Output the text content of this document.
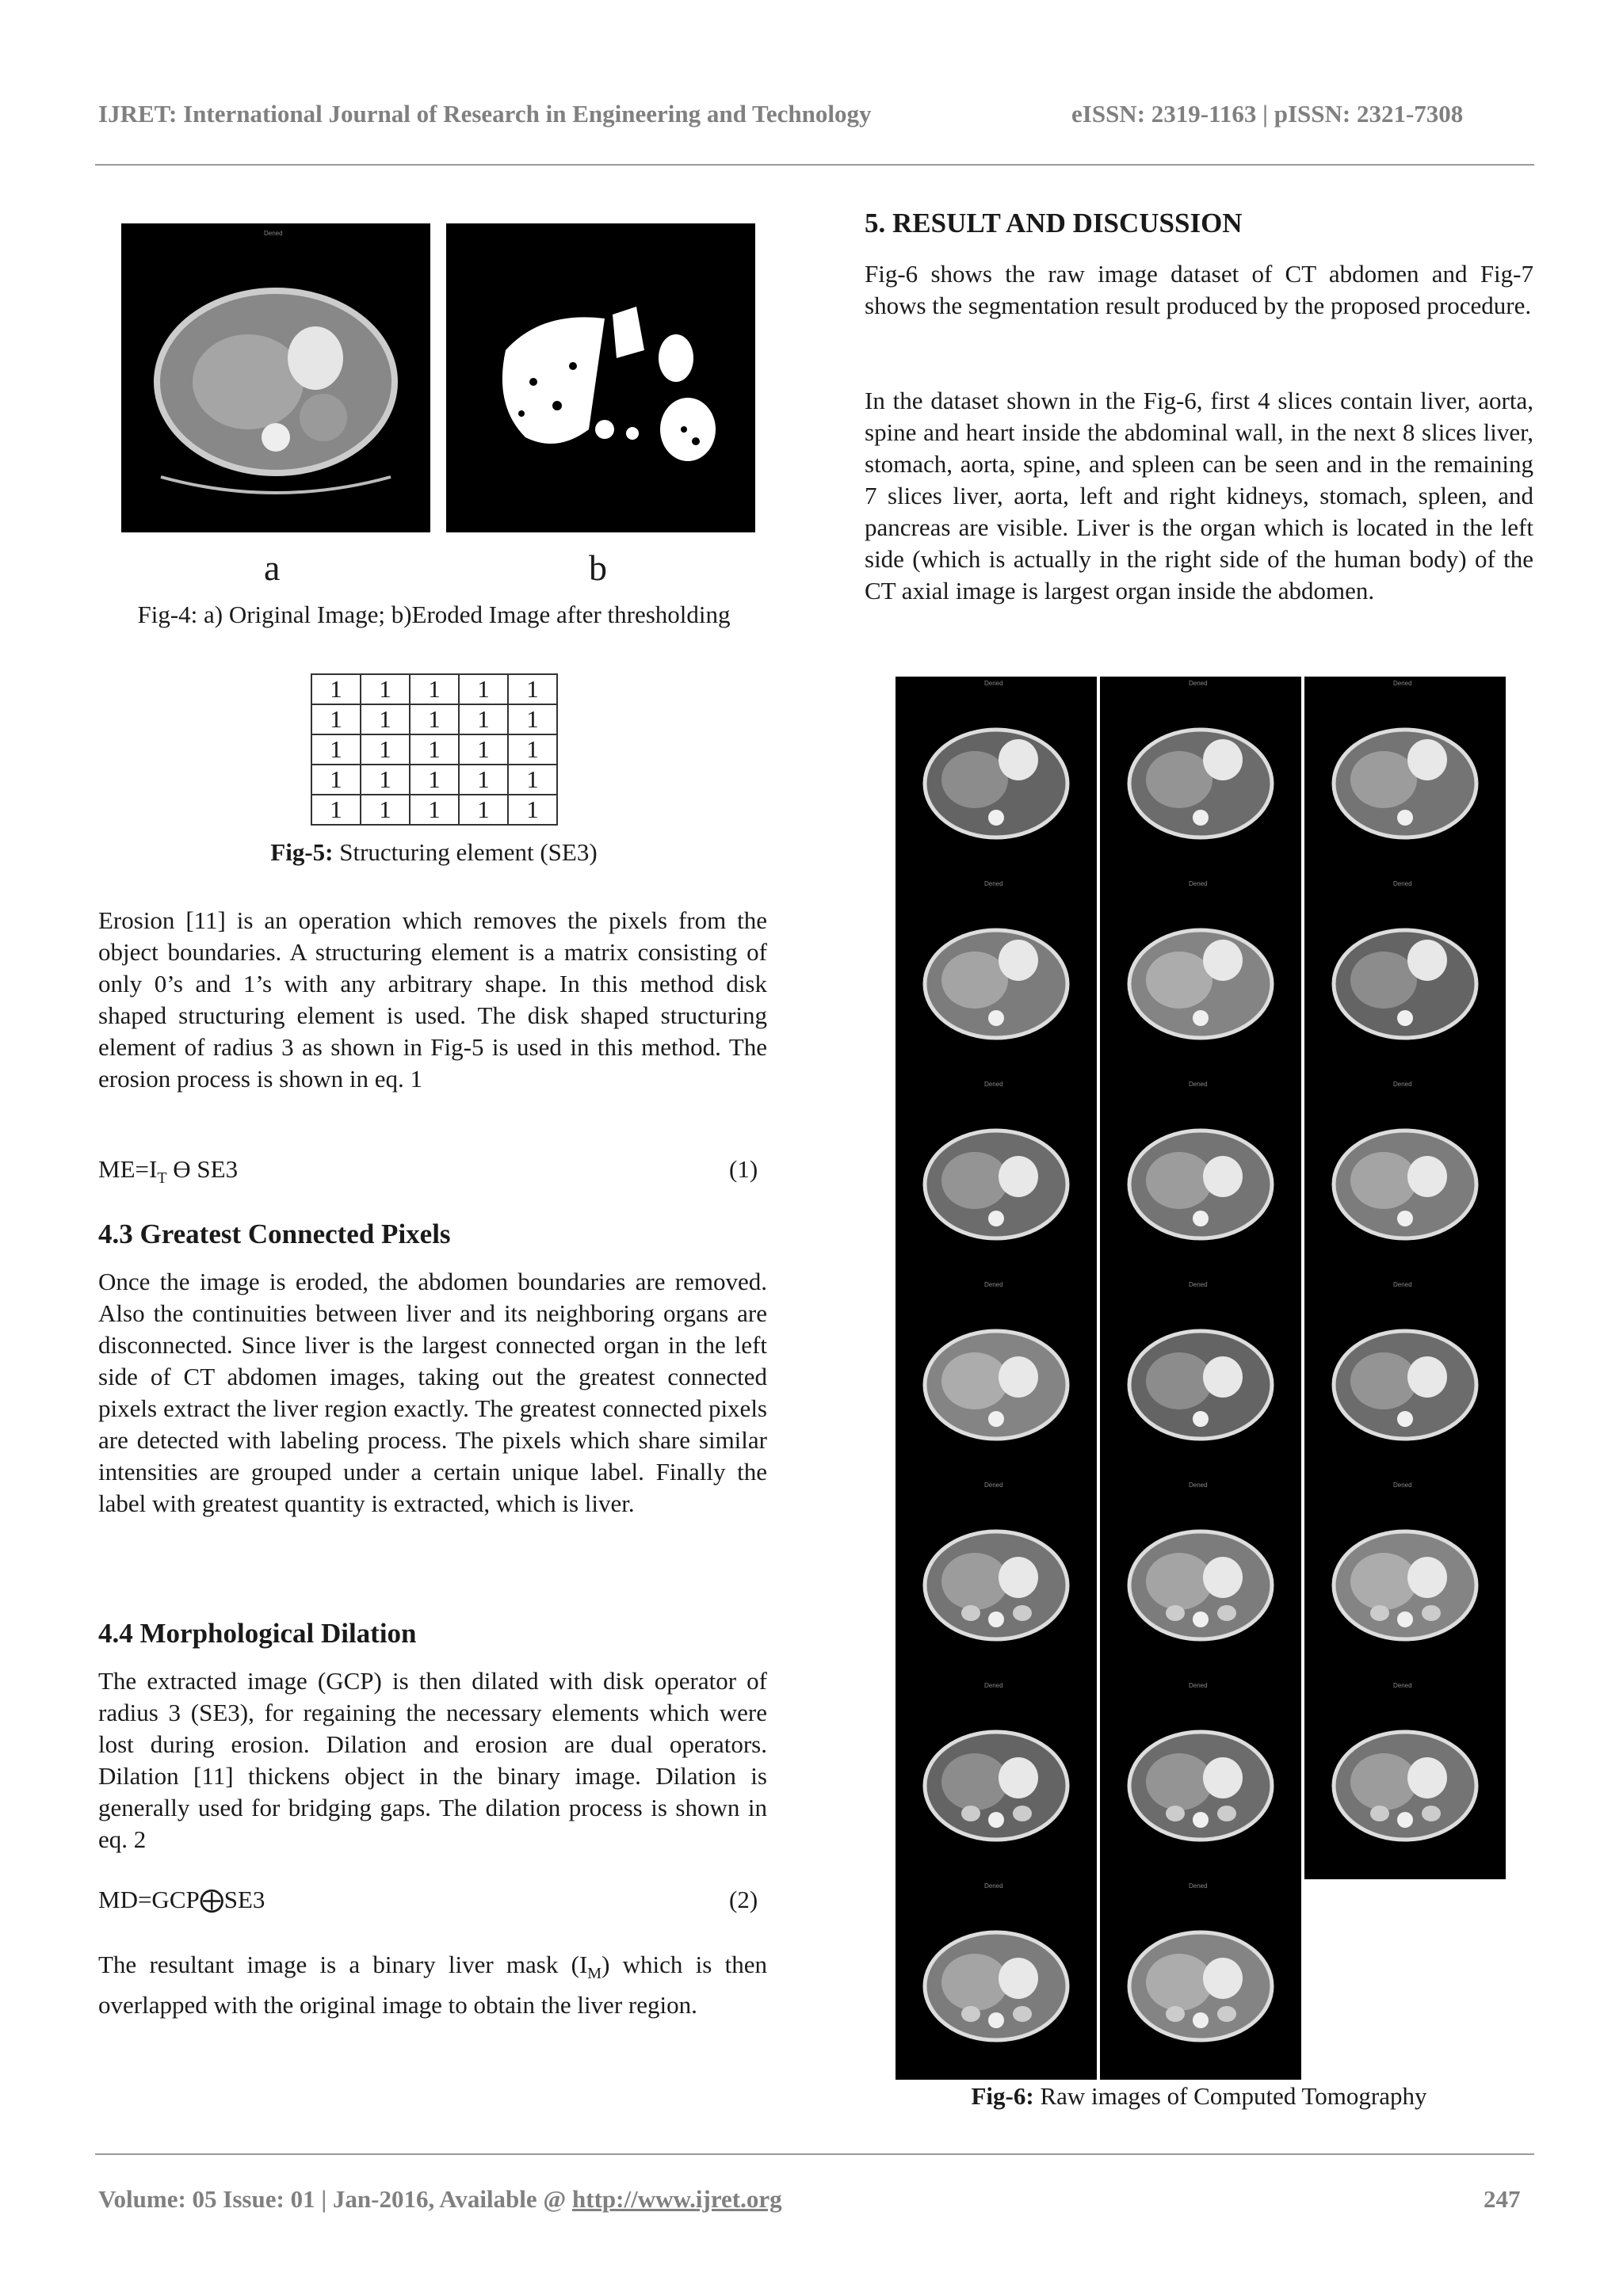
IJRET: International Journal of Research in Engineering and Technology	eISSN: 2319-1163 | pISSN: 2321-7308
Dened
a	b
Fig-4: a) Original Image; b)Eroded Image after thresholding
1	1	1	1	1
1	1	1	1	1
1	1	1	1	1
1	1	1	1	1
1	1	1	1	1
Fig-5: Structuring element (SE3)
Erosion [11] is an operation which removes the pixels from the object boundaries. A structuring element is a matrix consisting of only 0’s and 1’s with any arbitrary shape. In this method disk shaped structuring element is used. The disk shaped structuring element of radius 3 as shown in Fig-5 is used in this method. The erosion process is shown in eq. 1
$ME=I_T$ Ө SE3	(1)
4.3 Greatest Connected Pixels
Once the image is eroded, the abdomen boundaries are removed. Also the continuities between liver and its neighboring organs are disconnected. Since liver is the largest connected organ in the left side of CT abdomen images, taking out the greatest connected pixels extract the liver region exactly. The greatest connected pixels are detected with labeling process. The pixels which share similar intensities are grouped under a certain unique label. Finally the label with greatest quantity is extracted, which is liver.
4.4 Morphological Dilation
The extracted image (GCP) is then dilated with disk operator of radius 3 (SE3), for regaining the necessary elements which were lost during erosion. Dilation and erosion are dual operators. Dilation [11] thickens object in the binary image. Dilation is generally used for bridging gaps. The dilation process is shown in eq. 2
MD=GCP⨁SE3	(2)
The resultant image is a binary liver mask $(I_M)$ which is then overlapped with the original image to obtain the liver region.
5. RESULT AND DISCUSSION
Fig-6 shows the raw image dataset of CT abdomen and Fig-7 shows the segmentation result produced by the proposed procedure.
In the dataset shown in the Fig-6, first 4 slices contain liver, aorta, spine and heart inside the abdominal wall, in the next 8 slices liver, stomach, aorta, spine, and spleen can be seen and in the remaining 7 slices liver, aorta, left and right kidneys, stomach, spleen, and pancreas are visible. Liver is the organ which is located in the left side (which is actually in the right side of the human body) of the CT axial image is largest organ inside the abdomen.
Dened	Dened	Dened
Dened	Dened	Dened
Dened	Dened	Dened
Dened	Dened	Dened
Dened	Dened	Dened
Dened	Dened	Dened
Dened	Dened
Fig-6: Raw images of Computed Tomography
Volume: 05 Issue: 01 | Jan-2016, Available @ http://www.ijret.org	247
